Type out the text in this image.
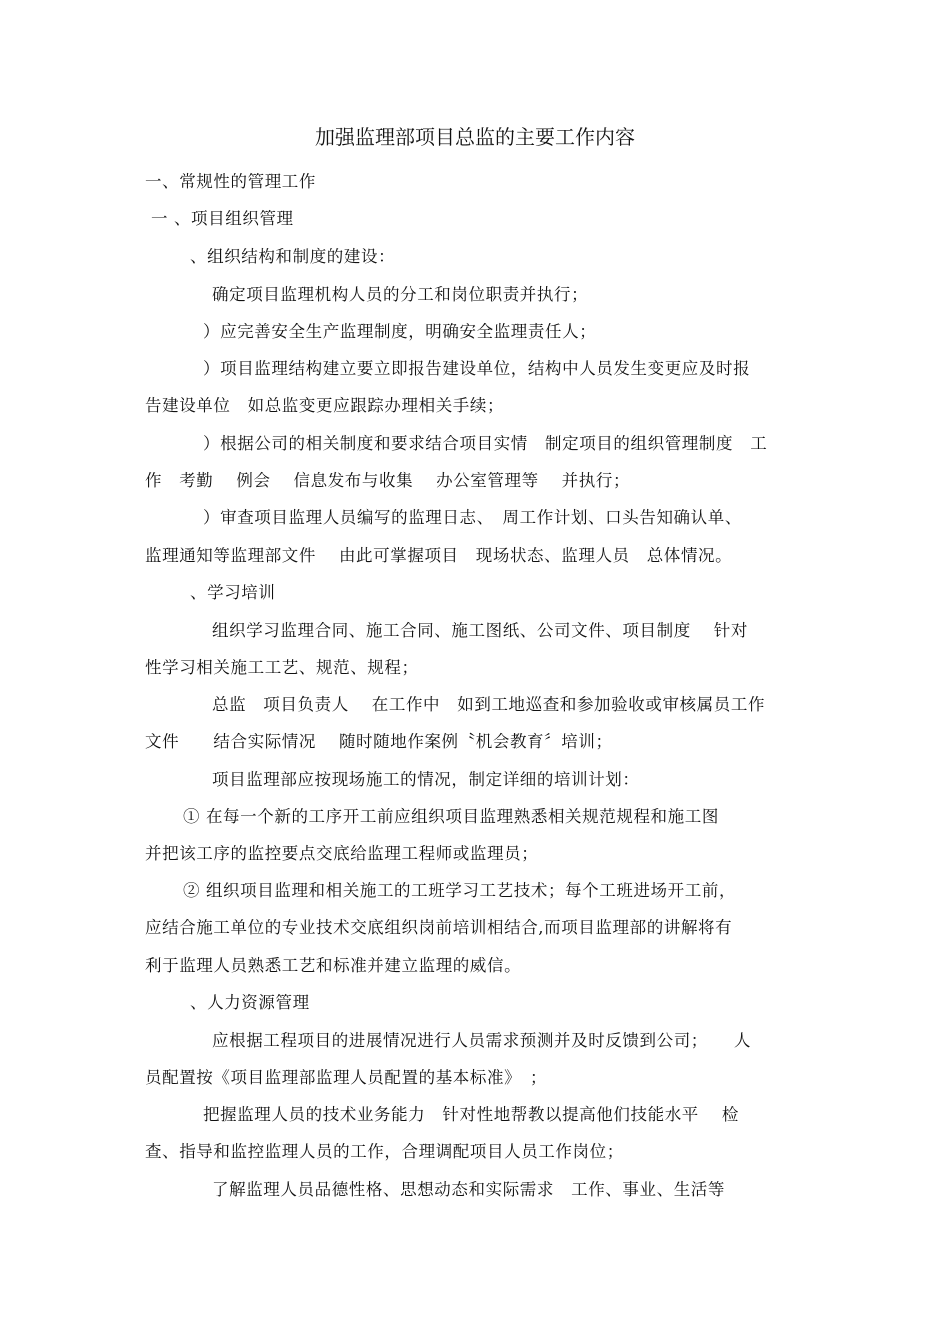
加强监理部项目总监的主要工作内容
一、常规性的管理工作
一 、项目组织管理
、组织结构和制度的建设：
确定项目监理机构人员的分工和岗位职责并执行；
）应完善安全生产监理制度，明确安全监理责任人；
）项目监理结构建立要立即报告建设单位，结构中人员发生变更应及时报
告建设单位　如总监变更应跟踪办理相关手续；
）根据公司的相关制度和要求结合项目实情　制定项目的组织管理制度　工
作　考勤　 例会　 信息发布与收集　 办公室管理等　 并执行；
）审查项目监理人员编写的监理日志、　周工作计划、口头告知确认单、
监理通知等监理部文件　 由此可掌握项目　现场状态、监理人员　总体情况。
、学习培训
组织学习监理合同、施工合同、施工图纸、公司文件、项目制度　 针对
性学习相关施工工艺、规范、规程；
总监　项目负责人　 在工作中　如到工地巡查和参加验收或审核属员工作
文件　　结合实际情况　 随时随地作案例〝机会教育〞培训；
项目监理部应按现场施工的情况，制定详细的培训计划：
① 在每一个新的工序开工前应组织项目监理熟悉相关规范规程和施工图
并把该工序的监控要点交底给监理工程师或监理员；
② 组织项目监理和相关施工的工班学习工艺技术；每个工班进场开工前，
应结合施工单位的专业技术交底组织岗前培训相结合,而项目监理部的讲解将有
利于监理人员熟悉工艺和标准并建立监理的威信。
、人力资源管理
应根据工程项目的进展情况进行人员需求预测并及时反馈到公司；　　人
员配置按《项目监理部监理人员配置的基本标准》　；
把握监理人员的技术业务能力　针对性地帮教以提高他们技能水平　 检
查、指导和监控监理人员的工作，合理调配项目人员工作岗位；
了解监理人员品德性格、思想动态和实际需求　工作、事业、生活等
